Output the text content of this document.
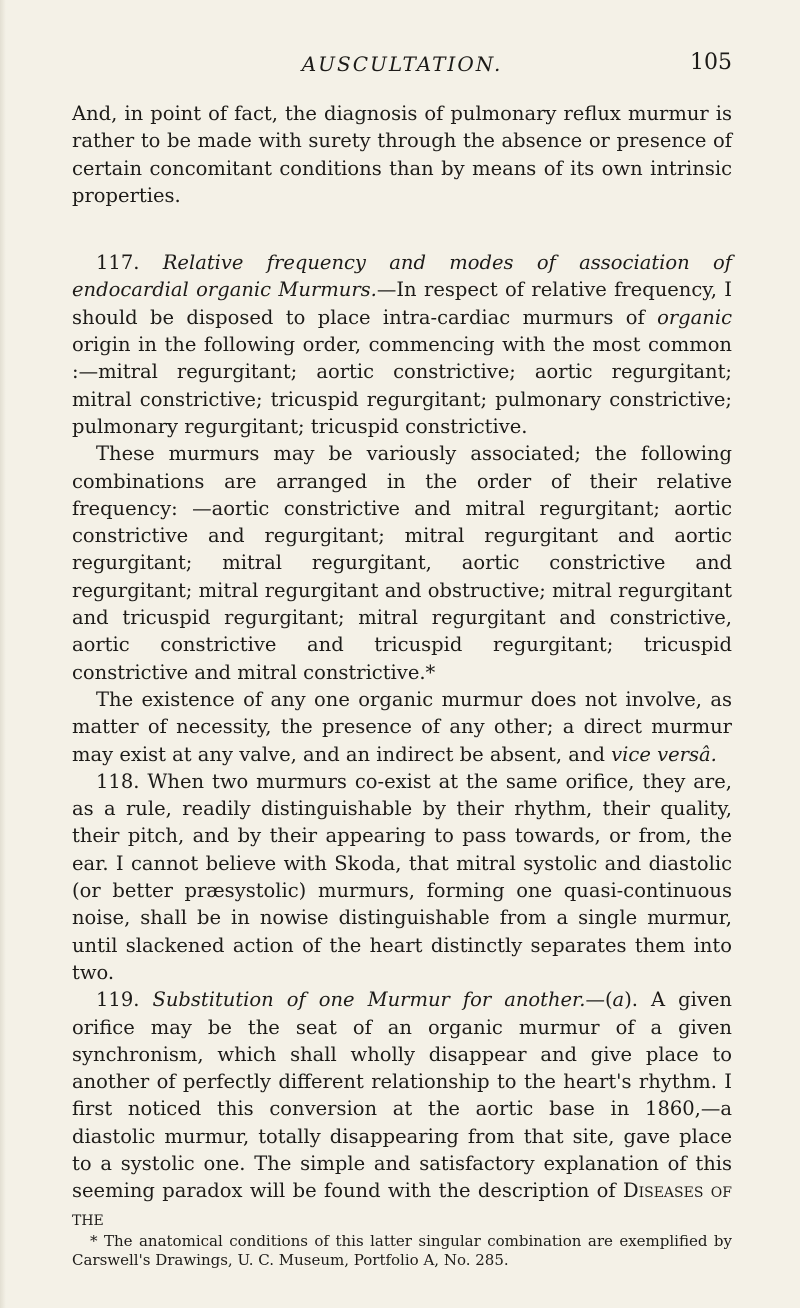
AUSCULTATION.	105

And, in point of fact, the diagnosis of pulmonary reflux murmur is rather to be made with surety through the absence or presence of certain concomitant conditions than by means of its own intrinsic properties.

117. Relative frequency and modes of association of endocardial organic Murmurs.—In respect of relative frequency, I should be disposed to place intra-cardiac murmurs of organic origin in the following order, commencing with the most common :—mitral regurgitant; aortic constrictive; aortic regurgitant; mitral constrictive; tricuspid regurgitant; pulmonary constrictive; pulmonary regurgitant; tricuspid constrictive.

These murmurs may be variously associated; the following combinations are arranged in the order of their relative frequency: —aortic constrictive and mitral regurgitant; aortic constrictive and regurgitant; mitral regurgitant and aortic regurgitant; mitral regurgitant, aortic constrictive and regurgitant; mitral regurgitant and obstructive; mitral regurgitant and tricuspid regurgitant; mitral regurgitant and constrictive, aortic constrictive and tricuspid regurgitant; tricuspid constrictive and mitral constrictive.*

The existence of any one organic murmur does not involve, as matter of necessity, the presence of any other; a direct murmur may exist at any valve, and an indirect be absent, and vice versâ.

118. When two murmurs co-exist at the same orifice, they are, as a rule, readily distinguishable by their rhythm, their quality, their pitch, and by their appearing to pass towards, or from, the ear. I cannot believe with Skoda, that mitral systolic and diastolic (or better præsystolic) murmurs, forming one quasi-continuous noise, shall be in nowise distinguishable from a single murmur, until slackened action of the heart distinctly separates them into two.

119. Substitution of one Murmur for another.—(a). A given orifice may be the seat of an organic murmur of a given synchronism, which shall wholly disappear and give place to another of perfectly different relationship to the heart's rhythm. I first noticed this conversion at the aortic base in 1860,—a diastolic murmur, totally disappearing from that site, gave place to a systolic one. The simple and satisfactory explanation of this seeming paradox will be found with the description of Diseases of the

* The anatomical conditions of this latter singular combination are exemplified by Carswell's Drawings, U. C. Museum, Portfolio A, No. 285.
